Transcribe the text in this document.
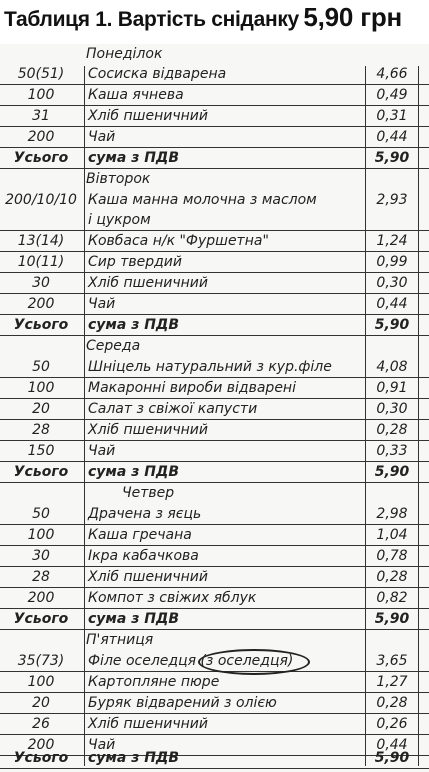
Таблиця 1. Вартість сніданку 5,90 грн
Понеділок
50(51)	Сосиска відварена	4,66
100	Каша ячнева	0,49
31	Хліб пшеничний	0,31
200	Чай	0,44
Усього	сума з ПДВ	5,90
Вівторок
200/10/10 Каша манна молочна з маслом	2,93
і цукром
13(14)	Ковбаса н/к "Фуршетна"	1,24
10(11)	Сир твердий	0,99
30	Хліб пшеничний	0,30
200	Чай	0,44
Усього	сума з ПДВ	5,90
Середа
50	Шніцель натуральний з кур.філе	4,08
100	Макаронні вироби відварені	0,91
20	Салат з свіжої капусти	0,30
28	Хліб пшеничний	0,28
150	Чай	0,33
Усього	сума з ПДВ	5,90
Четвер
50	Драчена з яєць	2,98
100	Каша гречана	1,04
30	Ікра кабачкова	0,78
28	Хліб пшеничний	0,28
200	Компот з свіжих яблук	0,82
Усього	сума з ПДВ	5,90
П'ятниця
35(73)	Філе оселедця (з оселедця)	3,65
100	Картопляне пюре	1,27
20	Буряк відварений з олією	0,28
26	Хліб пшеничний	0,26
200	Чай	0,44
Усього	сума з ПДВ	5,90
